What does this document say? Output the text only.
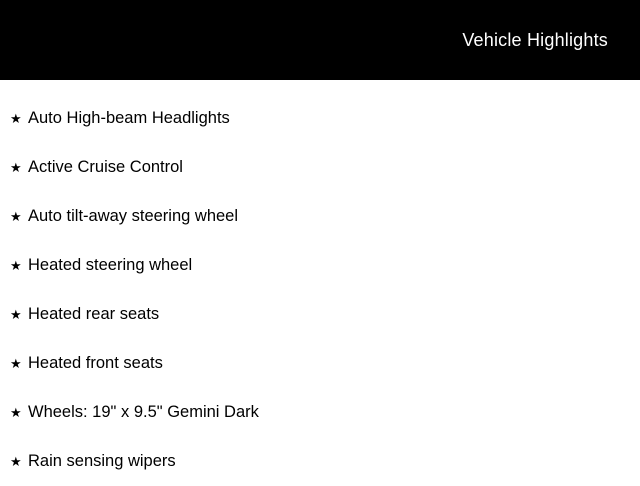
Vehicle Highlights
★ Auto High-beam Headlights
★ Active Cruise Control
★ Auto tilt-away steering wheel
★ Heated steering wheel
★ Heated rear seats
★ Heated front seats
★ Wheels: 19" x 9.5" Gemini Dark
★ Rain sensing wipers
